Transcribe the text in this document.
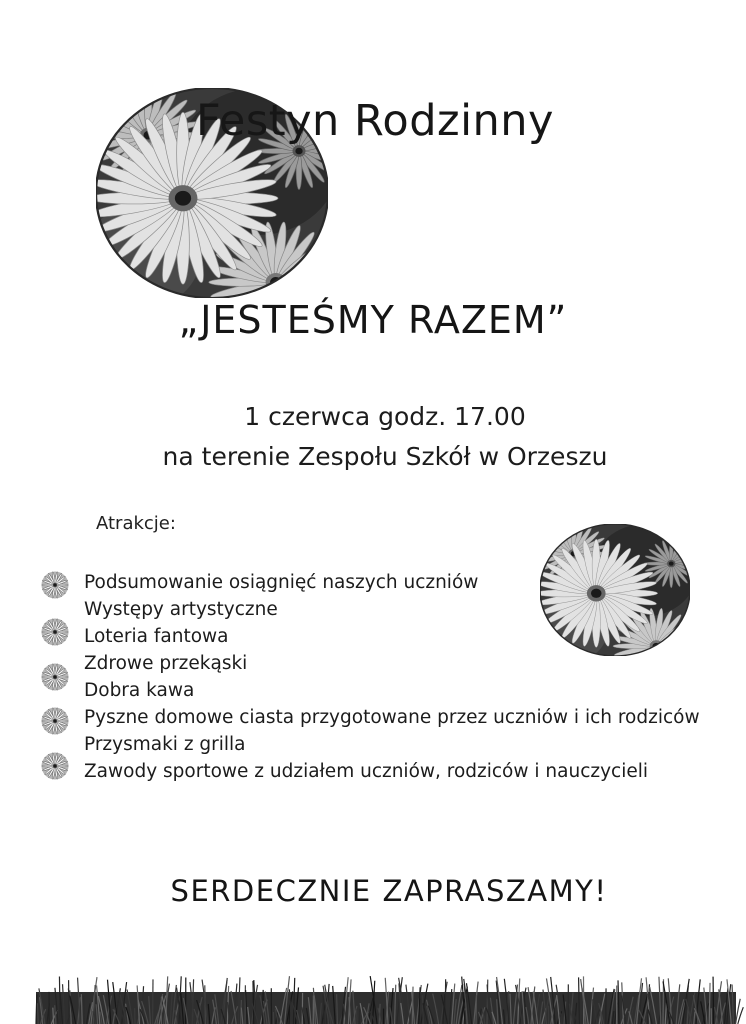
Festyn Rodzinny
„JESTEŚMY RAZEM”
1 czerwca godz. 17.00
na terenie Zespołu Szkół w Orzeszu
Atrakcje:
Podsumowanie osiągnięć naszych uczniów
Występy artystyczne
Loteria fantowa
Zdrowe przekąski
Dobra kawa
Pyszne domowe ciasta przygotowane przez uczniów i ich rodziców
Przysmaki z grilla
Zawody sportowe z udziałem uczniów, rodziców i nauczycieli
SERDECZNIE ZAPRASZAMY!
